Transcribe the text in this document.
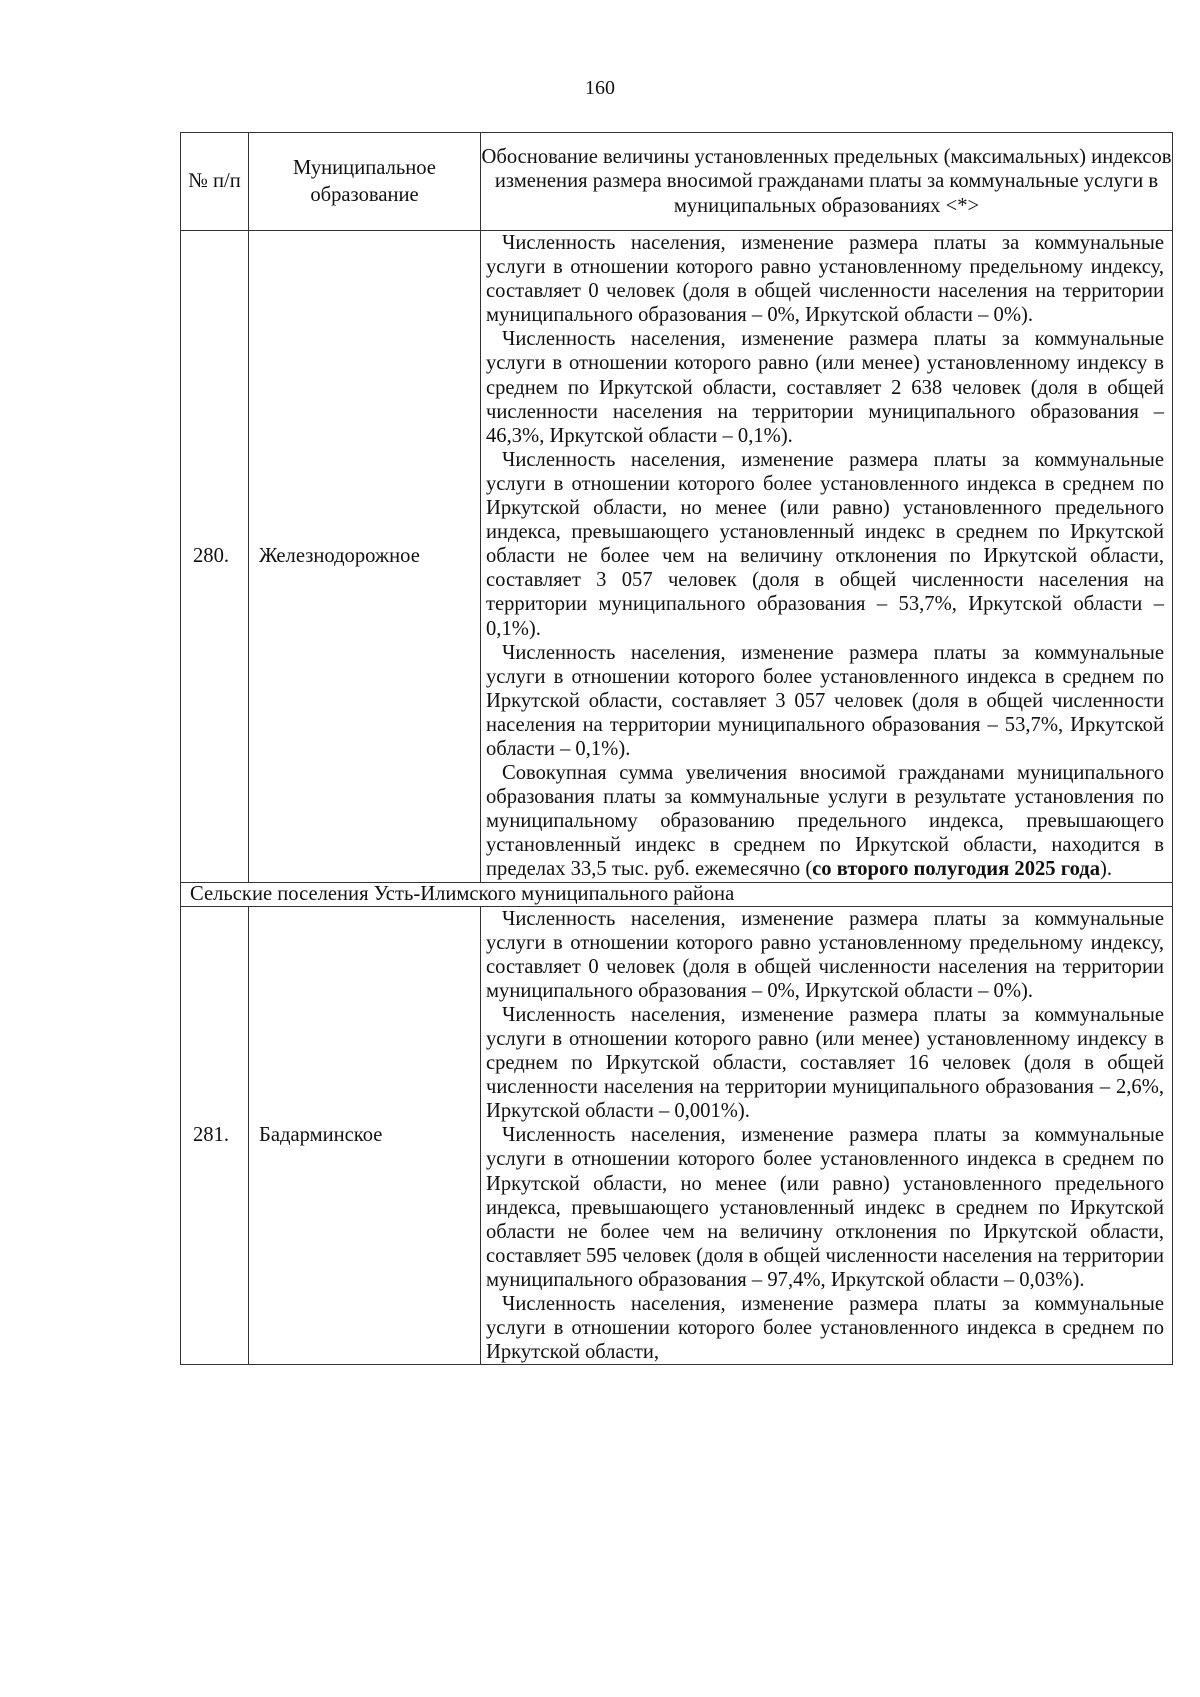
160
№ п/п	Муниципальное образование	Обоснование величины установленных предельных (максимальных) индексов изменения размера вносимой гражданами платы за коммунальные услуги в муниципальных образованиях <*>
280.	Железнодорожное	Численность населения, изменение размера платы за коммунальные услуги в отношении которого равно установленному предельному индексу, составляет 0 человек (доля в общей численности населения на территории муниципального образования – 0%, Иркутской области – 0%).

Численность населения, изменение размера платы за коммунальные услуги в отношении которого равно (или менее) установленному индексу в среднем по Иркутской области, составляет 2 638 человек (доля в общей численности населения на территории муниципального образования – 46,3%, Иркутской области – 0,1%).

Численность населения, изменение размера платы за коммунальные услуги в отношении которого более установленного индекса в среднем по Иркутской области, но менее (или равно) установленного предельного индекса, превышающего установленный индекс в среднем по Иркутской области не более чем на величину отклонения по Иркутской области, составляет 3 057 человек (доля в общей численности населения на территории муниципального образования – 53,7%, Иркутской области – 0,1%).

Численность населения, изменение размера платы за коммунальные услуги в отношении которого более установленного индекса в среднем по Иркутской области, составляет 3 057 человек (доля в общей численности населения на территории муниципального образования – 53,7%, Иркутской области – 0,1%).

Совокупная сумма увеличения вносимой гражданами муниципального образования платы за коммунальные услуги в результате установления по муниципальному образованию предельного индекса, превышающего установленный индекс в среднем по Иркутской области, находится в пределах 33,5 тыс. руб. ежемесячно (со второго полугодия 2025 года).

Сельские поселения Усть-Илимского муниципального района		
281.	Бадарминское	Численность населения, изменение размера платы за коммунальные услуги в отношении которого равно установленному предельному индексу, составляет 0 человек (доля в общей численности населения на территории муниципального образования – 0%, Иркутской области – 0%).

Численность населения, изменение размера платы за коммунальные услуги в отношении которого равно (или менее) установленному индексу в среднем по Иркутской области, составляет 16 человек (доля в общей численности населения на территории муниципального образования – 2,6%, Иркутской области – 0,001%).

Численность населения, изменение размера платы за коммунальные услуги в отношении которого более установленного индекса в среднем по Иркутской области, но менее (или равно) установленного предельного индекса, превышающего установленный индекс в среднем по Иркутской области не более чем на величину отклонения по Иркутской области, составляет 595 человек (доля в общей численности населения на территории муниципального образования – 97,4%, Иркутской области – 0,03%).

Численность населения, изменение размера платы за коммунальные услуги в отношении которого более установленного индекса в среднем по Иркутской области,
